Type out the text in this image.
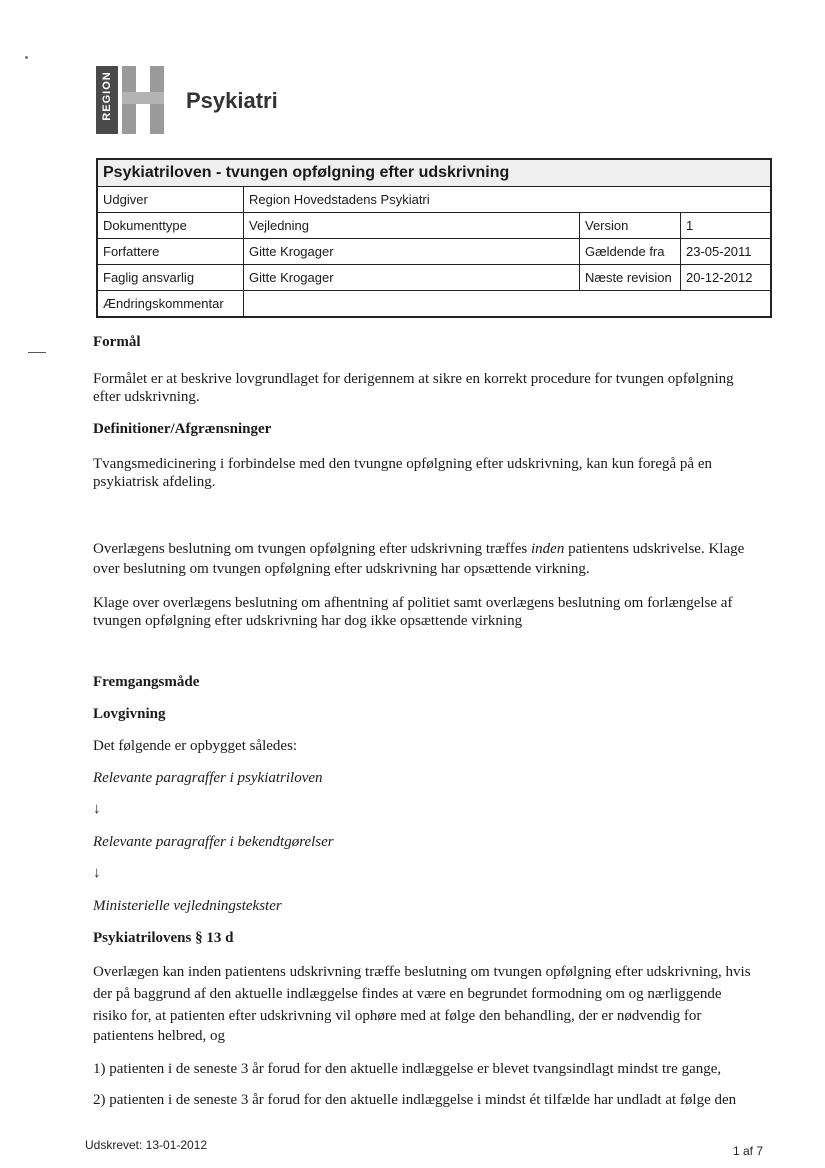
REGION	Psykiatri
Psykiatriloven - tvungen opfølgning efter udskrivning
Udgiver	Region Hovedstadens Psykiatri
Dokumenttype	Vejledning	Version	1
Forfattere	Gitte Krogager	Gældende fra	23-05-2011
Faglig ansvarlig	Gitte Krogager	Næste revision	20-12-2012
Ændringskommentar

Formål

Formålet er at beskrive lovgrundlaget for derigennem at sikre en korrekt procedure for tvungen opfølgning

efter udskrivning.

Definitioner/Afgrænsninger

Tvangsmedicinering i forbindelse med den tvungne opfølgning efter udskrivning, kan kun foregå på en

psykiatrisk afdeling.

Overlægens beslutning om tvungen opfølgning efter udskrivning træffes inden patientens udskrivelse. Klage

over beslutning om tvungen opfølgning efter udskrivning har opsættende virkning.

Klage over overlægens beslutning om afhentning af politiet samt overlægens beslutning om forlængelse af

tvungen opfølgning efter udskrivning har dog ikke opsættende virkning

Fremgangsmåde

Lovgivning

Det følgende er opbygget således:

Relevante paragraffer i psykiatriloven

↓

Relevante paragraffer i bekendtgørelser

↓

Ministerielle vejledningstekster

Psykiatrilovens § 13 d

Overlægen kan inden patientens udskrivning træffe beslutning om tvungen opfølgning efter udskrivning, hvis

der på baggrund af den aktuelle indlæggelse findes at være en begrundet formodning om og nærliggende

risiko for, at patienten efter udskrivning vil ophøre med at følge den behandling, der er nødvendig for

patientens helbred, og

1) patienten i de seneste 3 år forud for den aktuelle indlæggelse er blevet tvangsindlagt mindst tre gange,

2) patienten i de seneste 3 år forud for den aktuelle indlæggelse i mindst ét tilfælde har undladt at følge den

Udskrevet: 13-01-2012	1 af 7
